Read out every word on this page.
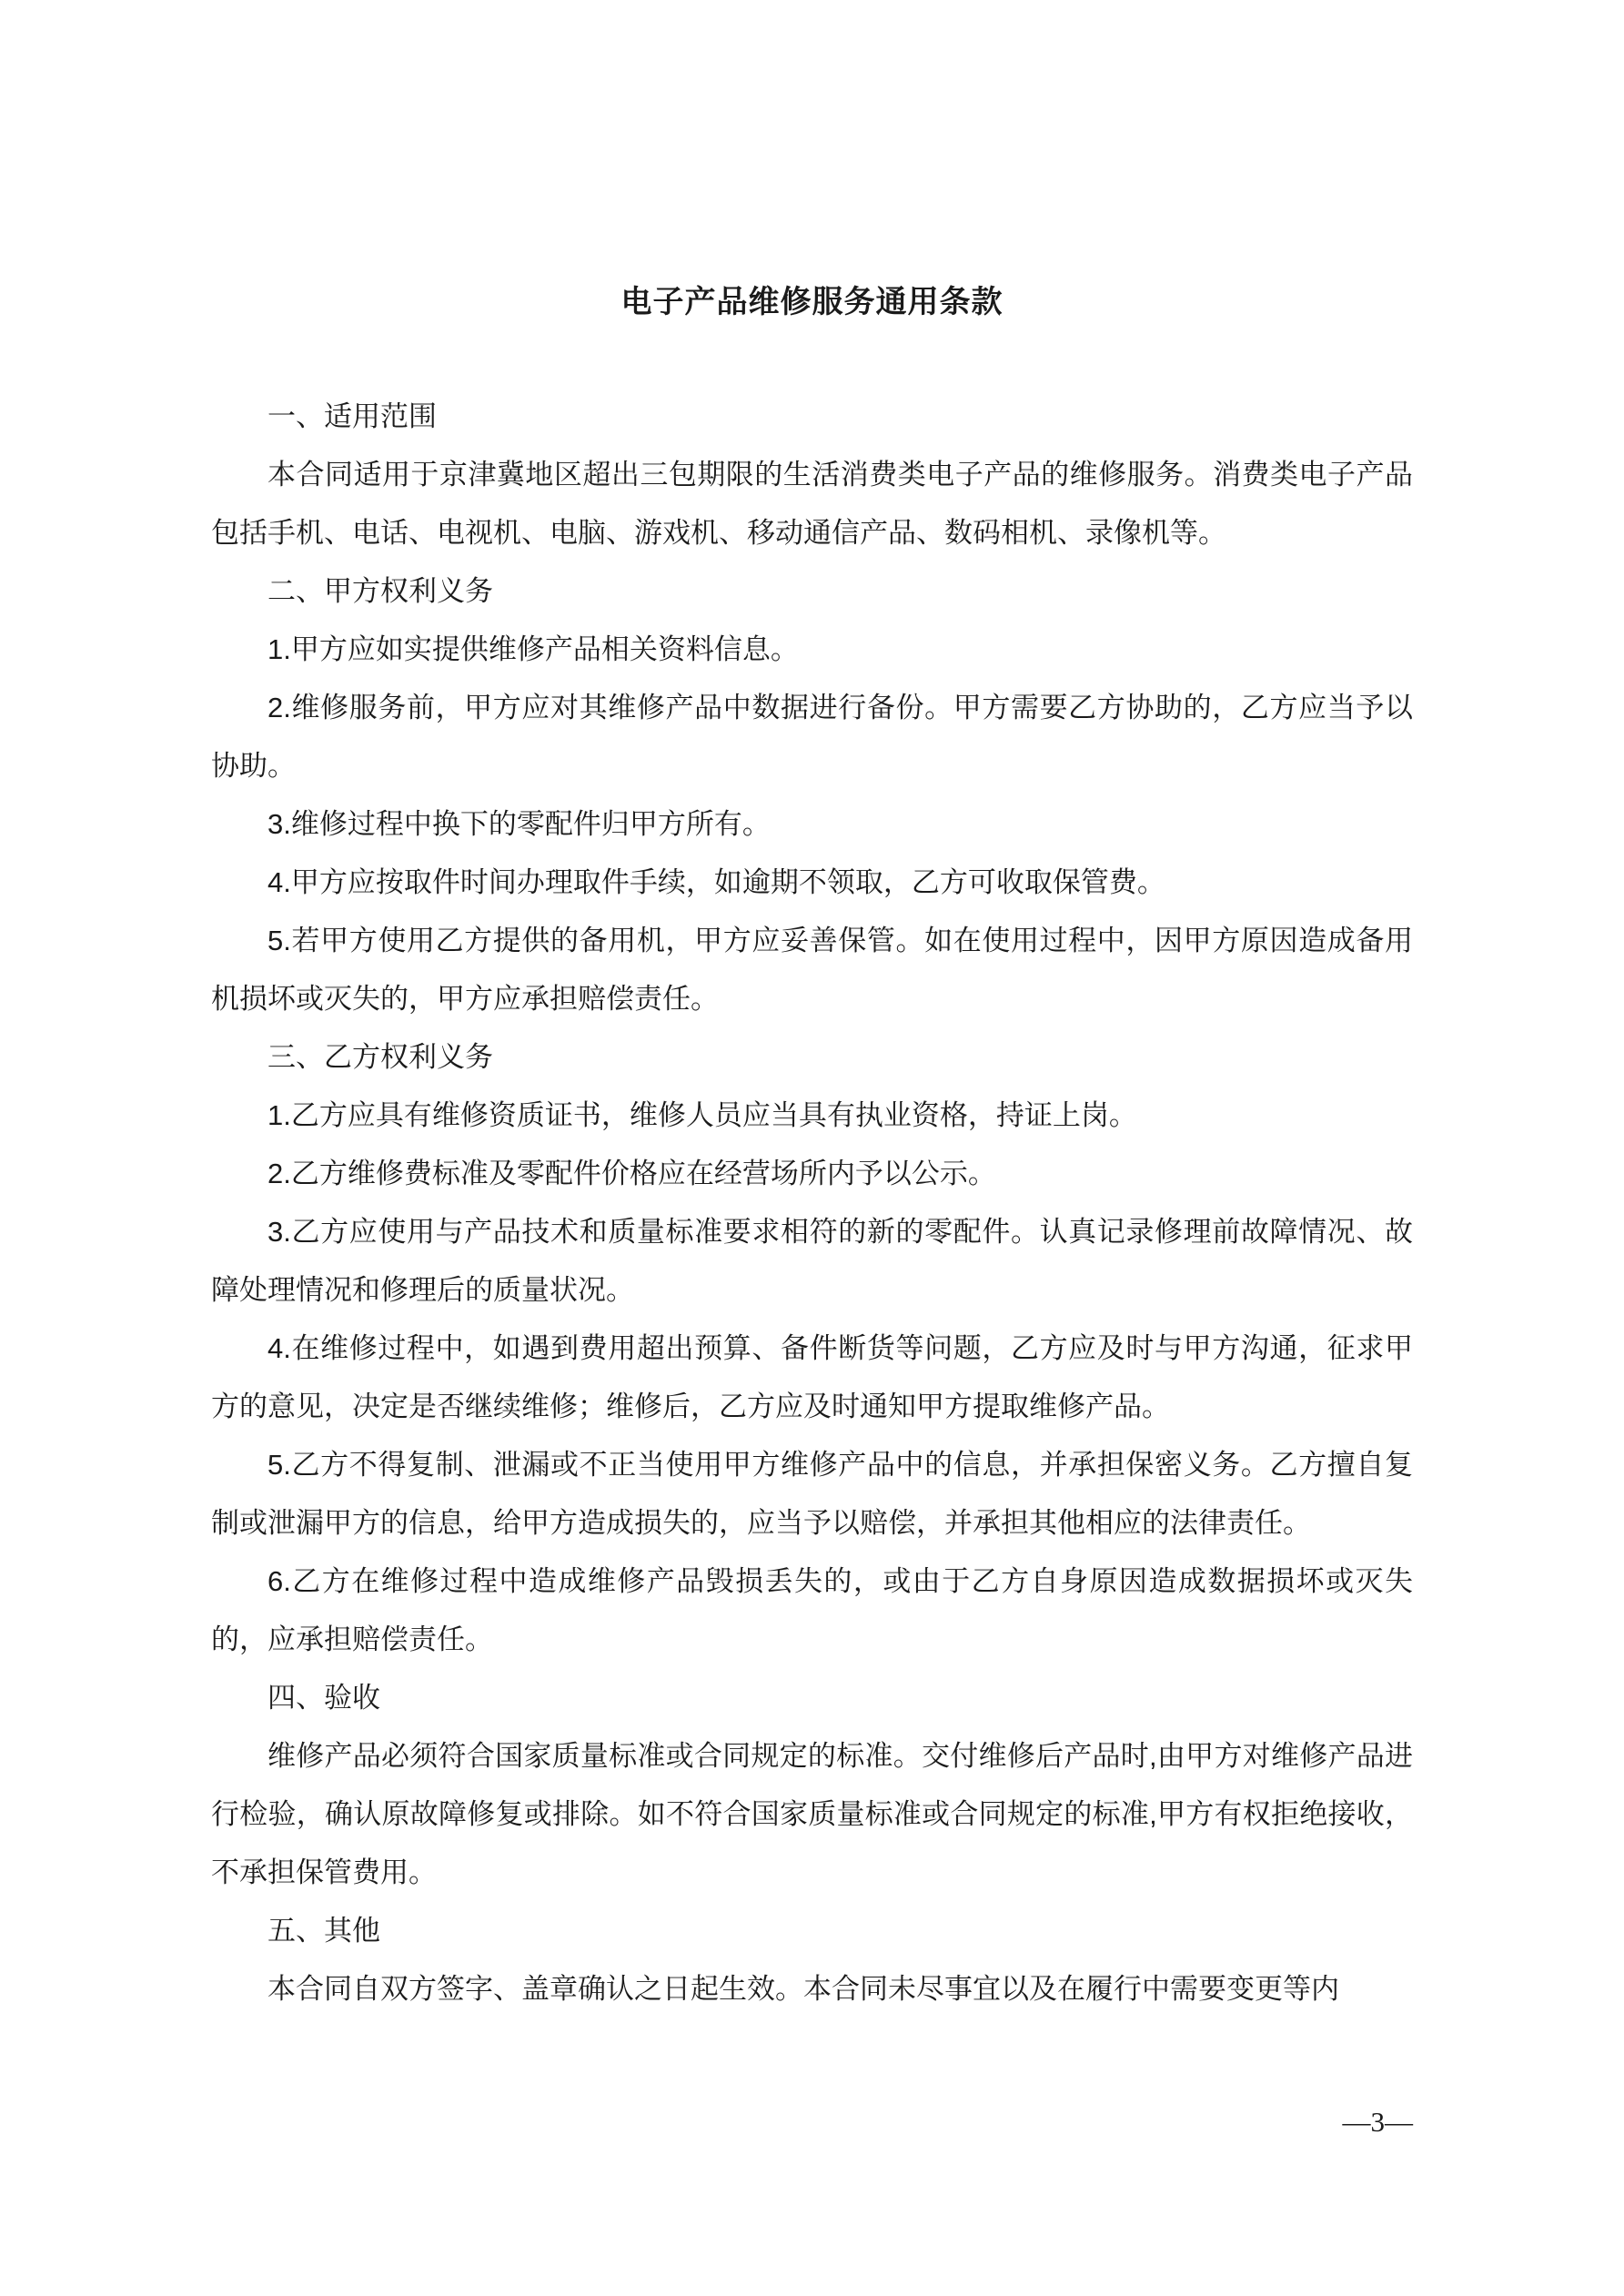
电子产品维修服务通用条款

一、适用范围

本合同适用于京津冀地区超出三包期限的生活消费类电子产品的维修服务。消费类电子产品包括手机、电话、电视机、电脑、游戏机、移动通信产品、数码相机、录像机等。

二、甲方权利义务

1.甲方应如实提供维修产品相关资料信息。

2.维修服务前，甲方应对其维修产品中数据进行备份。甲方需要乙方协助的，乙方应当予以协助。

3.维修过程中换下的零配件归甲方所有。

4.甲方应按取件时间办理取件手续，如逾期不领取，乙方可收取保管费。

5.若甲方使用乙方提供的备用机，甲方应妥善保管。如在使用过程中，因甲方原因造成备用机损坏或灭失的，甲方应承担赔偿责任。

三、乙方权利义务

1.乙方应具有维修资质证书，维修人员应当具有执业资格，持证上岗。

2.乙方维修费标准及零配件价格应在经营场所内予以公示。

3.乙方应使用与产品技术和质量标准要求相符的新的零配件。认真记录修理前故障情况、故障处理情况和修理后的质量状况。

4.在维修过程中，如遇到费用超出预算、备件断货等问题，乙方应及时与甲方沟通，征求甲方的意见，决定是否继续维修；维修后，乙方应及时通知甲方提取维修产品。

5.乙方不得复制、泄漏或不正当使用甲方维修产品中的信息，并承担保密义务。乙方擅自复制或泄漏甲方的信息，给甲方造成损失的，应当予以赔偿，并承担其他相应的法律责任。

6.乙方在维修过程中造成维修产品毁损丢失的，或由于乙方自身原因造成数据损坏或灭失的，应承担赔偿责任。

四、验收

维修产品必须符合国家质量标准或合同规定的标准。交付维修后产品时,由甲方对维修产品进行检验，确认原故障修复或排除。如不符合国家质量标准或合同规定的标准,甲方有权拒绝接收，不承担保管费用。

五、其他

本合同自双方签字、盖章确认之日起生效。本合同未尽事宜以及在履行中需要变更等内

—3—
